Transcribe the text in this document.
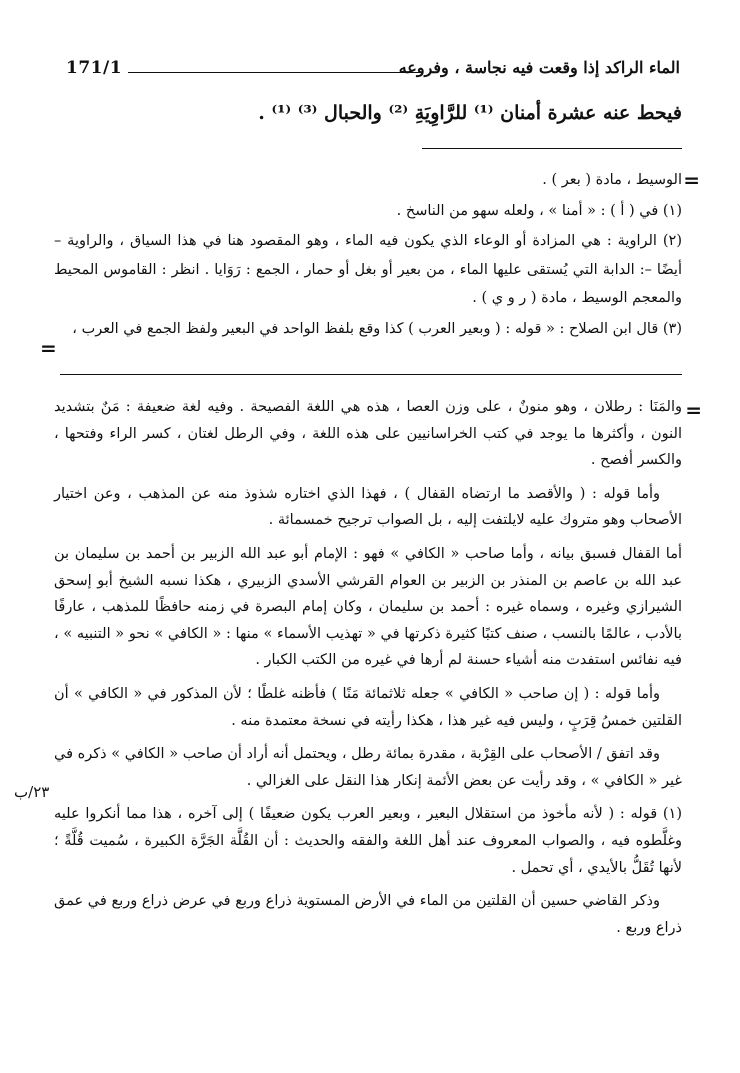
الماء الراكد إذا وقعت فيه نجاسة ، وفروعه
171/1
فيحط عنه عشرة أمنان ⁽¹⁾ للرَّاوِيَةِ ⁽²⁾ والحبال ⁽³⁾ ⁽¹⁾ .
=

الوسيط ، مادة ( بعر ) .

(١) في ( أ ) : « أمنا » ، ولعله سهو من الناسخ .

(٢) الراوية : هي المزادة أو الوعاء الذي يكون فيه الماء ، وهو المقصود هنا في هذا السياق ، والراوية – أيضًا –: الدابة التي يُستقى عليها الماء ، من بعير أو بغل أو حمار ، الجمع : رَوَايا . انظر : القاموس المحيط والمعجم الوسيط ، مادة ( ر و ي ) .

(٣) قال ابن الصلاح : « قوله : ( وبعير العرب ) كذا وقع بلفظ الواحد في البعير ولفظ الجمع في العرب ،

=
=

والمَنَا : رطلان ، وهو منونٌ ، على وزن العصا ، هذه هي اللغة الفصيحة . وفيه لغة ضعيفة : مَنٌ بتشديد النون ، وأكثرها ما يوجد في كتب الخراسانيين على هذه اللغة ، وفي الرطل لغتان ، كسر الراء وفتحها ، والكسر أفصح .

وأما قوله : ( والأقصد ما ارتضاه القفال ) ، فهذا الذي اختاره شذوذ منه عن المذهب ، وعن اختيار الأصحاب وهو متروك عليه لايلتفت إليه ، بل الصواب ترجيح خمسمائة .

أما القفال فسبق بيانه ، وأما صاحب « الكافي » فهو : الإمام أبو عبد الله الزبير بن أحمد بن سليمان بن عبد الله بن عاصم بن المنذر بن الزبير بن العوام القرشي الأسدي الزبيري ، هكذا نسبه الشيخ أبو إسحق الشيرازي وغيره ، وسماه غيره : أحمد بن سليمان ، وكان إمام البصرة في زمنه حافظًا للمذهب ، عارفًا بالأدب ، عالمًا بالنسب ، صنف كتبًا كثيرة ذكرتها في « تهذيب الأسماء » منها : « الكافي » نحو « التنبيه » ، فيه نفائس استفدت منه أشياء حسنة لم أرها في غيره من الكتب الكبار .

وأما قوله : ( إن صاحب « الكافي » جعله ثلاثمائة مَنًا ) فأظنه غلطًا ؛ لأن المذكور في « الكافي » أن القلتين خمسُ قِرَبٍ ، وليس فيه غير هذا ، هكذا رأيته في نسخة معتمدة منه .

وقد اتفق / الأصحاب على القِرْبة ، مقدرة بمائة رطل ، ويحتمل أنه أراد أن صاحب « الكافي » ذكره في غير « الكافي » ، وقد رأيت عن بعض الأئمة إنكار هذا النقل على الغزالي .

(١) قوله : ( لأنه مأخوذ من استقلال البعير ، وبعير العرب يكون ضعيفًا ) إلى آخره ، هذا مما أنكروا عليه وغلَّطوه فيه ، والصواب المعروف عند أهل اللغة والفقه والحديث : أن القُلَّة الجَرَّة الكبيرة ، سُميت قُلَّةً ؛ لأنها تُقَلُّ بالأيدي ، أي تحمل .

وذكر القاضي حسين أن القلتين من الماء في الأرض المستوية ذراع وربع في عرض ذراع وربع في عمق ذراع وربع .

٢٣/ب
